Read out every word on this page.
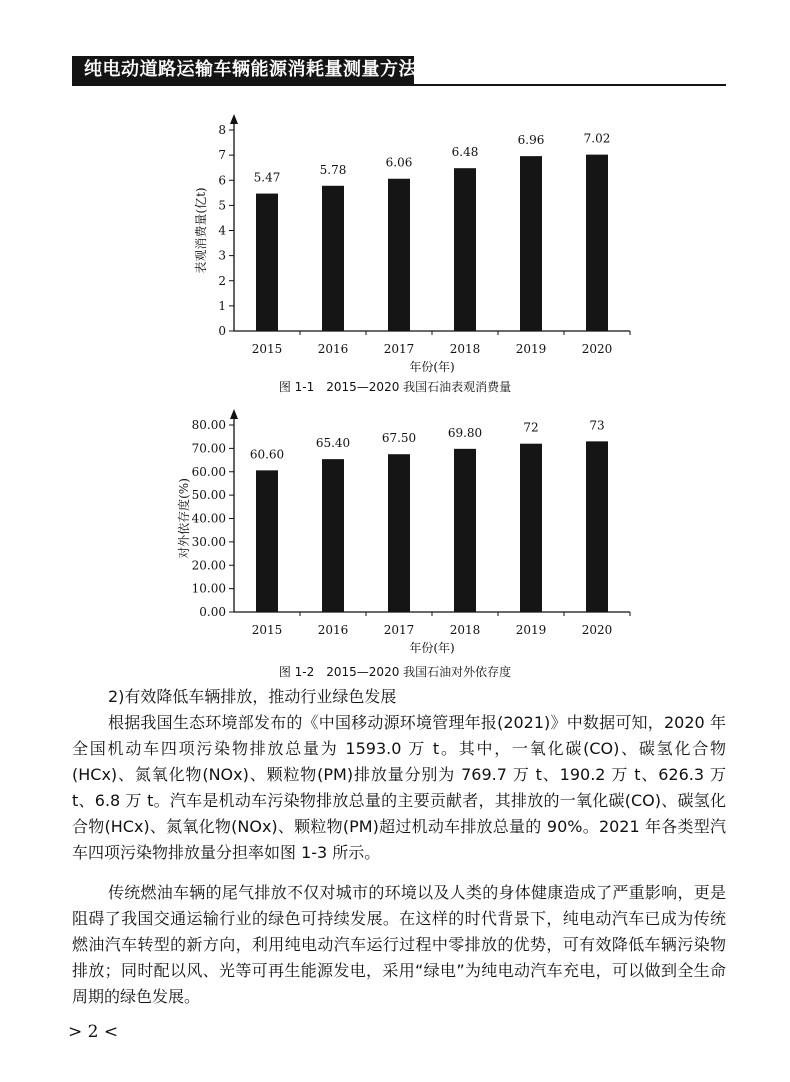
纯电动道路运输车辆能源消耗量测量方法
0
1
2
3
4
5
6
7
8
5.47
2015
5.78
2016
6.06
2017
6.48
2018
6.96
2019
7.02
2020
年份(年)
表观消费量(亿t)
图 1-1　2015—2020 我国石油表观消费量
0.00
10.00
20.00
30.00
40.00
50.00
60.00
70.00
80.00
60.60
2015
65.40
2016
67.50
2017
69.80
2018
72
2019
73
2020
年份(年)
对外依存度(%)
图 1-2　2015—2020 我国石油对外依存度
2)有效降低车辆排放，推动行业绿色发展

根据我国生态环境部发布的《中国移动源环境管理年报(2021)》中数据可知，2020 年全国机动车四项污染物排放总量为 1593.0 万 t。其中，一氧化碳(CO)、碳氢化合物(HCx)、氮氧化物(NOx)、颗粒物(PM)排放量分别为 769.7 万 t、190.2 万 t、626.3 万 t、6.8 万 t。汽车是机动车污染物排放总量的主要贡献者，其排放的一氧化碳(CO)、碳氢化合物(HCx)、氮氧化物(NOx)、颗粒物(PM)超过机动车排放总量的 90%。2021 年各类型汽车四项污染物排放量分担率如图 1-3 所示。

传统燃油车辆的尾气排放不仅对城市的环境以及人类的身体健康造成了严重影响，更是阻碍了我国交通运输行业的绿色可持续发展。在这样的时代背景下，纯电动汽车已成为传统燃油汽车转型的新方向，利用纯电动汽车运行过程中零排放的优势，可有效降低车辆污染物排放；同时配以风、光等可再生能源发电，采用“绿电”为纯电动汽车充电，可以做到全生命周期的绿色发展。

> 2 <
